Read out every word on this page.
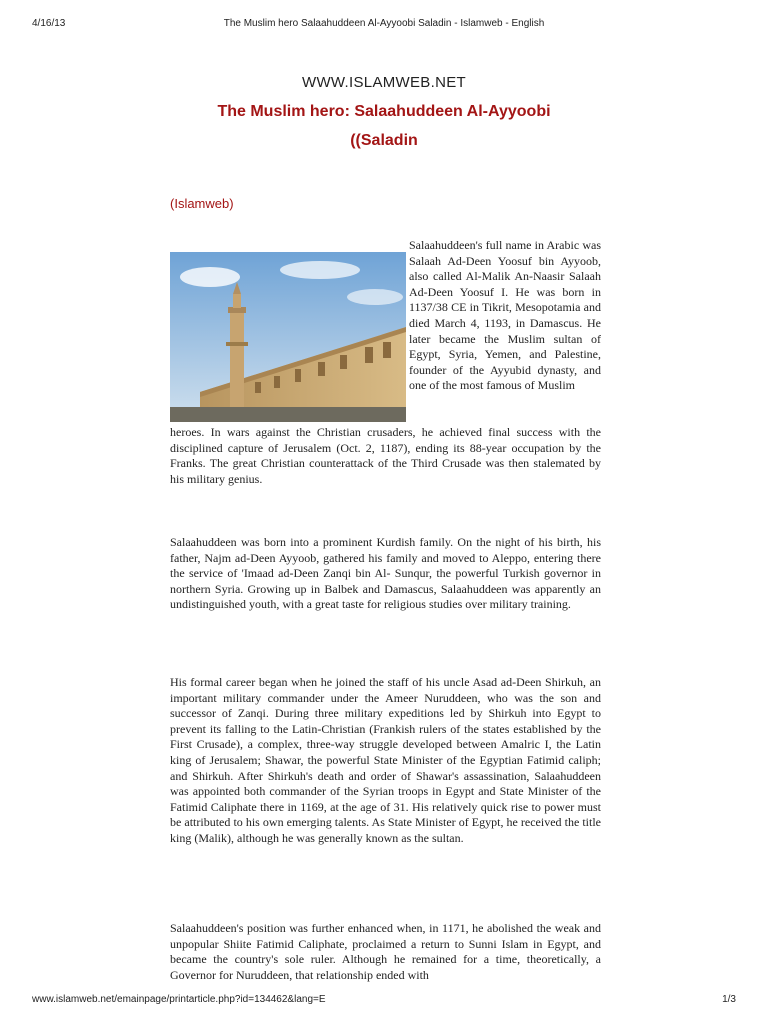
4/16/13	The Muslim hero Salaahuddeen Al-Ayyoobi Saladin - Islamweb - English
WWW.ISLAMWEB.NET
The Muslim hero: Salaahuddeen Al-Ayyoobi
((Saladin
(Islamweb)

Salaahuddeen's full name in Arabic was Salaah Ad-Deen Yoosuf bin Ayyoob, also called Al-Malik An-Naasir Salaah Ad-Deen Yoosuf I. He was born in 1137/38 CE in Tikrit, Mesopotamia and died March 4, 1193, in Damascus. He later became the Muslim sultan of Egypt, Syria, Yemen, and Palestine, founder of the Ayyubid dynasty, and one of the most famous of Muslim

heroes. In wars against the Christian crusaders, he achieved final success with the disciplined capture of Jerusalem (Oct. 2, 1187), ending its 88-year occupation by the Franks. The great Christian counterattack of the Third Crusade was then stalemated by his military genius.

Salaahuddeen was born into a prominent Kurdish family. On the night of his birth, his father, Najm ad-Deen Ayyoob, gathered his family and moved to Aleppo, entering there the service of 'Imaad ad-Deen Zanqi bin Al- Sunqur, the powerful Turkish governor in northern Syria. Growing up in Balbek and Damascus, Salaahuddeen was apparently an undistinguished youth, with a great taste for religious studies over military training.

His formal career began when he joined the staff of his uncle Asad ad-Deen Shirkuh, an important military commander under the Ameer Nuruddeen, who was the son and successor of Zanqi. During three military expeditions led by Shirkuh into Egypt to prevent its falling to the Latin-Christian (Frankish rulers of the states established by the First Crusade), a complex, three-way struggle developed between Amalric I, the Latin king of Jerusalem; Shawar, the powerful State Minister of the Egyptian Fatimid caliph; and Shirkuh. After Shirkuh's death and order of Shawar's assassination, Salaahuddeen was appointed both commander of the Syrian troops in Egypt and State Minister of the Fatimid Caliphate there in 1169, at the age of 31. His relatively quick rise to power must be attributed to his own emerging talents. As State Minister of Egypt, he received the title king (Malik), although he was generally known as the sultan.

Salaahuddeen's position was further enhanced when, in 1171, he abolished the weak and unpopular Shiite Fatimid Caliphate, proclaimed a return to Sunni Islam in Egypt, and became the country's sole ruler. Although he remained for a time, theoretically, a Governor for Nuruddeen, that relationship ended with

www.islamweb.net/emainpage/printarticle.php?id=134462&lang=E	1/3
